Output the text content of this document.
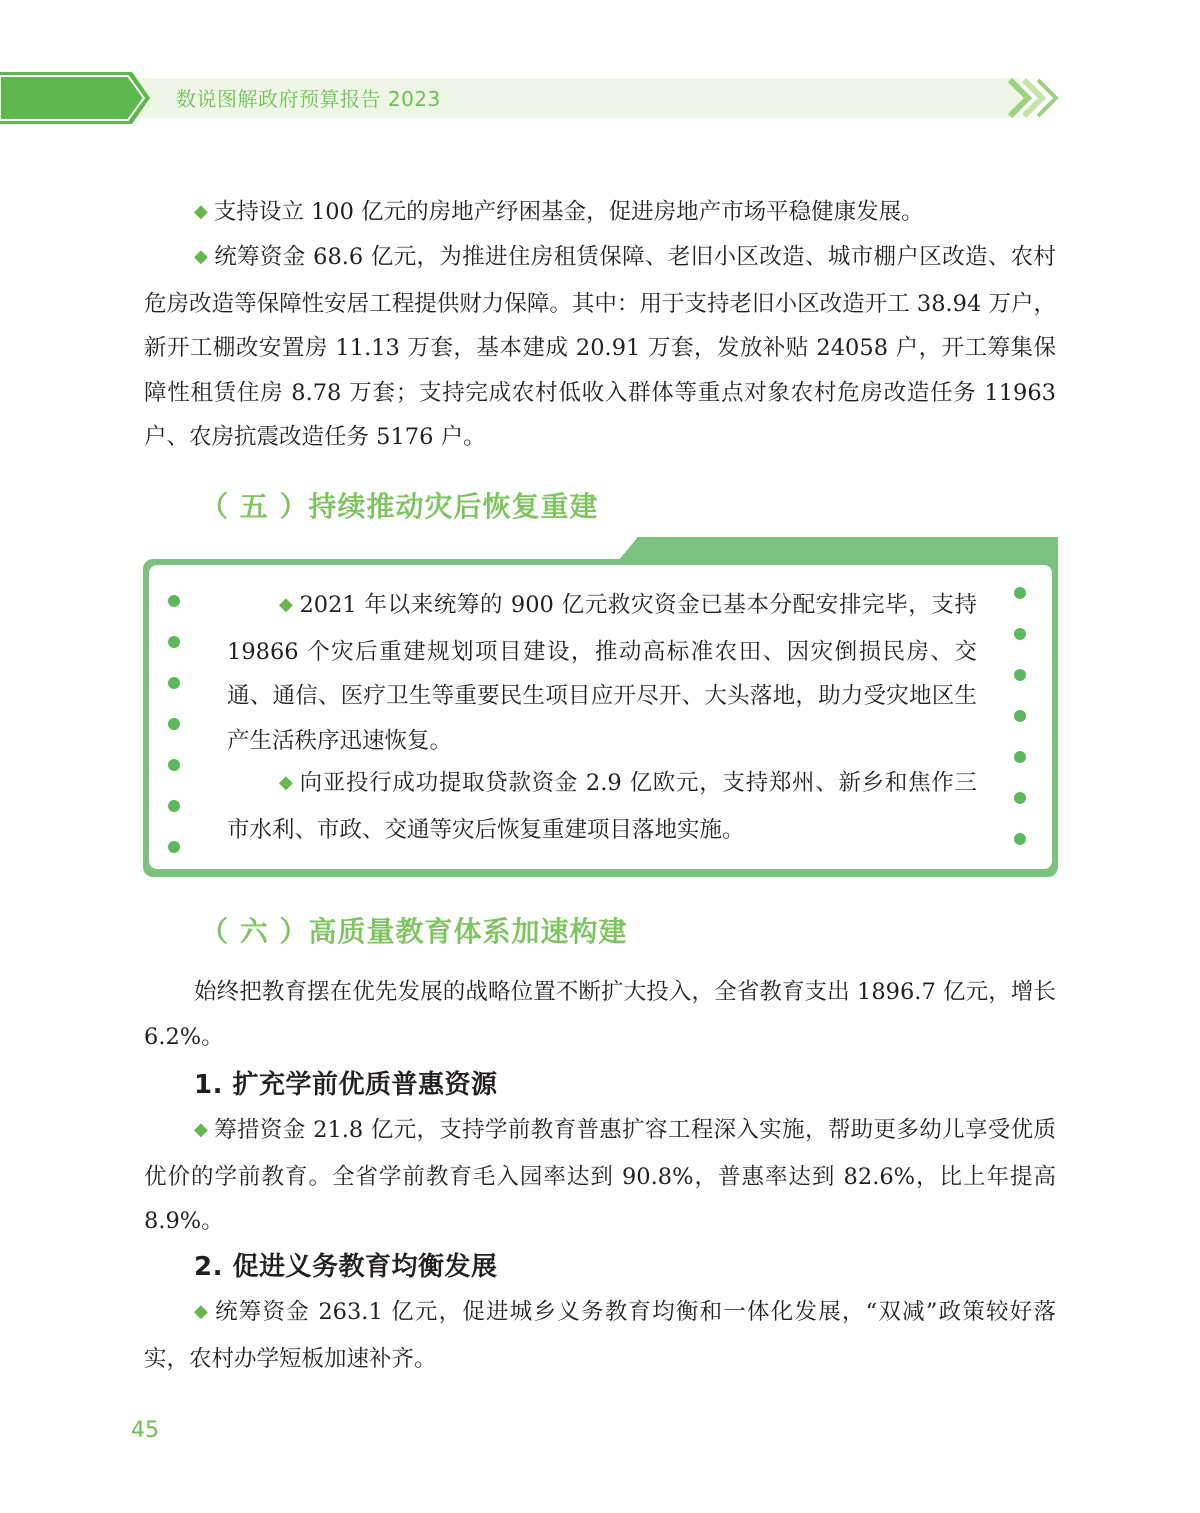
数说图解政府预算报告 2023

◆ 支持设立 100 亿元的房地产纾困基金，促进房地产市场平稳健康发展。

◆ 统筹资金 68.6 亿元，为推进住房租赁保障、老旧小区改造、城市棚户区改造、农村危房改造等保障性安居工程提供财力保障。其中：用于支持老旧小区改造开工 38.94 万户，新开工棚改安置房 11.13 万套，基本建成 20.91 万套，发放补贴 24058 户，开工筹集保障性租赁住房 8.78 万套；支持完成农村低收入群体等重点对象农村危房改造任务 11963 户、农房抗震改造任务 5176 户。

（ 五 ）持续推动灾后恢复重建

◆ 2021 年以来统筹的 900 亿元救灾资金已基本分配安排完毕，支持 19866 个灾后重建规划项目建设，推动高标准农田、因灾倒损民房、交通、通信、医疗卫生等重要民生项目应开尽开、大头落地，助力受灾地区生产生活秩序迅速恢复。

◆ 向亚投行成功提取贷款资金 2.9 亿欧元，支持郑州、新乡和焦作三市水利、市政、交通等灾后恢复重建项目落地实施。

（ 六 ）高质量教育体系加速构建

始终把教育摆在优先发展的战略位置不断扩大投入，全省教育支出 1896.7 亿元，增长 6.2%。

1. 扩充学前优质普惠资源

◆ 筹措资金 21.8 亿元，支持学前教育普惠扩容工程深入实施，帮助更多幼儿享受优质优价的学前教育。全省学前教育毛入园率达到 90.8%，普惠率达到 82.6%，比上年提高 8.9%。

2. 促进义务教育均衡发展

◆ 统筹资金 263.1 亿元，促进城乡义务教育均衡和一体化发展，“双减”政策较好落实，农村办学短板加速补齐。

45
